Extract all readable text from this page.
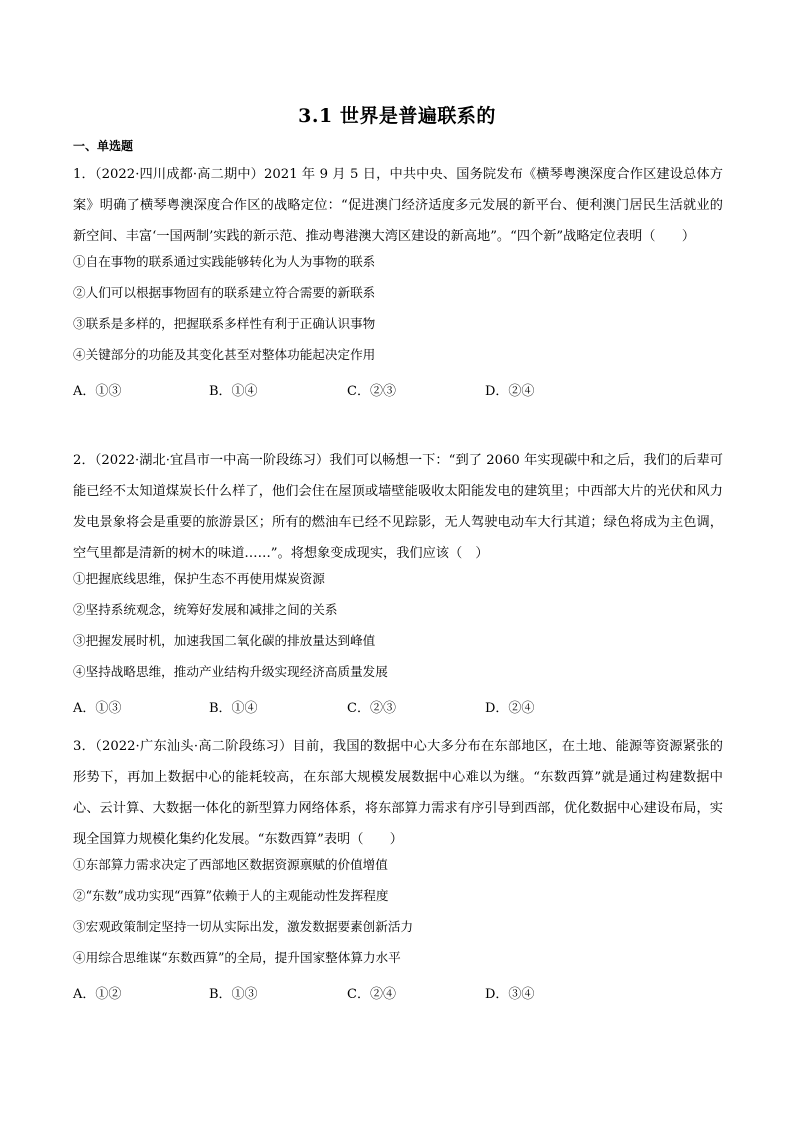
3.1 世界是普遍联系的
一、单选题

1．（2022·四川成都·高二期中）2021 年 9 月 5 日，中共中央、国务院发布《横琴粤澳深度合作区建设总体方案》明确了横琴粤澳深度合作区的战略定位：“促进澳门经济适度多元发展的新平台、便利澳门居民生活就业的新空间、丰富‘一国两制’实践的新示范、推动粤港澳大湾区建设的新高地”。“四个新”战略定位表明（　　）

①自在事物的联系通过实践能够转化为人为事物的联系

②人们可以根据事物固有的联系建立符合需要的新联系

③联系是多样的，把握联系多样性有利于正确认识事物

④关键部分的功能及其变化甚至对整体功能起决定作用

A．①③	B．①④	C．②③	D．②④

2．（2022·湖北·宜昌市一中高一阶段练习）我们可以畅想一下：“到了 2060 年实现碳中和之后，我们的后辈可能已经不太知道煤炭长什么样了，他们会住在屋顶或墙壁能吸收太阳能发电的建筑里；中西部大片的光伏和风力发电景象将会是重要的旅游景区；所有的燃油车已经不见踪影，无人驾驶电动车大行其道；绿色将成为主色调，空气里都是清新的树木的味道……”。将想象变成现实，我们应该（　）

①把握底线思维，保护生态不再使用煤炭资源

②坚持系统观念，统筹好发展和减排之间的关系

③把握发展时机，加速我国二氧化碳的排放量达到峰值

④坚持战略思维，推动产业结构升级实现经济高质量发展

A．①③	B．①④	C．②③	D．②④

3．（2022·广东汕头·高二阶段练习）目前，我国的数据中心大多分布在东部地区，在土地、能源等资源紧张的形势下，再加上数据中心的能耗较高，在东部大规模发展数据中心难以为继。“东数西算”就是通过构建数据中心、云计算、大数据一体化的新型算力网络体系，将东部算力需求有序引导到西部，优化数据中心建设布局，实现全国算力规模化集约化发展。“东数西算”表明（　　）

①东部算力需求决定了西部地区数据资源禀赋的价值增值

②“东数”成功实现“西算”依赖于人的主观能动性发挥程度

③宏观政策制定坚持一切从实际出发，激发数据要素创新活力

④用综合思维谋“东数西算”的全局，提升国家整体算力水平

A．①②	B．①③	C．②④	D．③④
